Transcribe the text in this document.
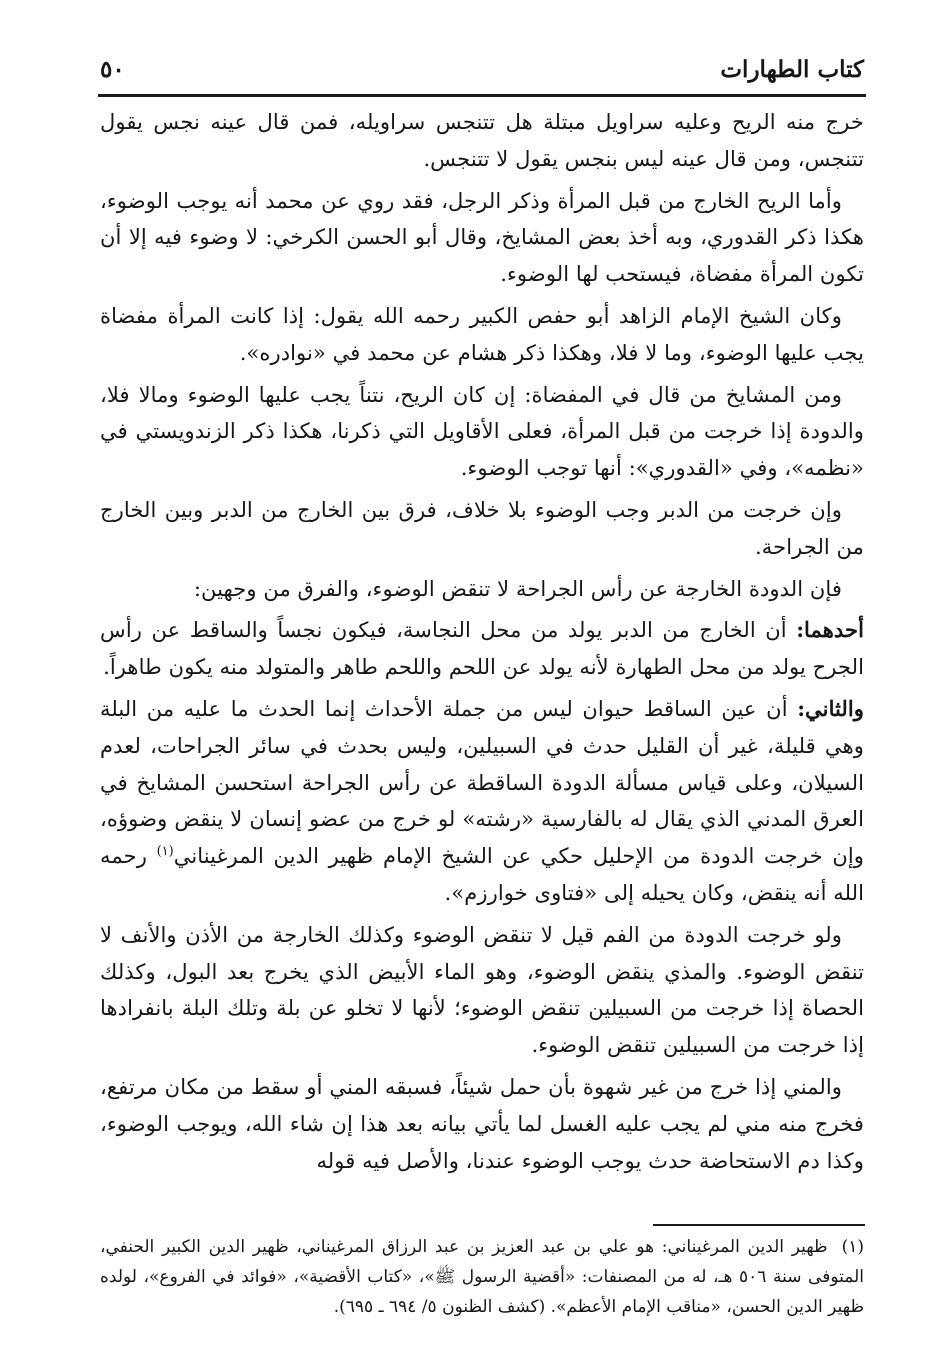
كتاب الطهارات
٥٠

خرج منه الريح وعليه سراويل مبتلة هل تتنجس سراويله، فمن قال عينه نجس يقول تتنجس، ومن قال عينه ليس بنجس يقول لا تتنجس.

وأما الريح الخارج من قبل المرأة وذكر الرجل، فقد روي عن محمد أنه يوجب الوضوء، هكذا ذكر القدوري، وبه أخذ بعض المشايخ، وقال أبو الحسن الكرخي: لا وضوء فيه إلا أن تكون المرأة مفضاة، فيستحب لها الوضوء.

وكان الشيخ الإمام الزاهد أبو حفص الكبير رحمه الله يقول: إذا كانت المرأة مفضاة يجب عليها الوضوء، وما لا فلا، وهكذا ذكر هشام عن محمد في «نوادره».

ومن المشايخ من قال في المفضاة: إن كان الريح، نتناً يجب عليها الوضوء ومالا فلا، والدودة إذا خرجت من قبل المرأة، فعلى الأقاويل التي ذكرنا، هكذا ذكر الزندويستي في «نظمه»، وفي «القدوري»: أنها توجب الوضوء.

وإن خرجت من الدبر وجب الوضوء بلا خلاف، فرق بين الخارج من الدبر وبين الخارج من الجراحة.

فإن الدودة الخارجة عن رأس الجراحة لا تنقض الوضوء، والفرق من وجهين:

أحدهما: أن الخارج من الدبر يولد من محل النجاسة، فيكون نجساً والساقط عن رأس الجرح يولد من محل الطهارة لأنه يولد عن اللحم واللحم طاهر والمتولد منه يكون طاهراً.

والثاني: أن عين الساقط حيوان ليس من جملة الأحداث إنما الحدث ما عليه من البلة وهي قليلة، غير أن القليل حدث في السبيلين، وليس بحدث في سائر الجراحات، لعدم السيلان، وعلى قياس مسألة الدودة الساقطة عن رأس الجراحة استحسن المشايخ في العرق المدني الذي يقال له بالفارسية «رشته» لو خرج من عضو إنسان لا ينقض وضوؤه، وإن خرجت الدودة من الإحليل حكي عن الشيخ الإمام ظهير الدين المرغيناني$^{(١)}$ رحمه الله أنه ينقض، وكان يحيله إلى «فتاوى خوارزم».

ولو خرجت الدودة من الفم قيل لا تنقض الوضوء وكذلك الخارجة من الأذن والأنف لا تنقض الوضوء. والمذي ينقض الوضوء، وهو الماء الأبيض الذي يخرج بعد البول، وكذلك الحصاة إذا خرجت من السبيلين تنقض الوضوء؛ لأنها لا تخلو عن بلة وتلك البلة بانفرادها إذا خرجت من السبيلين تنقض الوضوء.

والمني إذا خرج من غير شهوة بأن حمل شيئاً، فسبقه المني أو سقط من مكان مرتفع، فخرج منه مني لم يجب عليه الغسل لما يأتي بيانه بعد هذا إن شاء الله، ويوجب الوضوء، وكذا دم الاستحاضة حدث يوجب الوضوء عندنا، والأصل فيه قوله

(١)ظهير الدين المرغيناني: هو علي بن عبد العزيز بن عبد الرزاق المرغيناني، ظهير الدين الكبير الحنفي، المتوفى سنة ٥٠٦ هـ، له من المصنفات: «أقضية الرسول ﷺ»، «كتاب الأقضية»، «فوائد في الفروع»، لولده ظهير الدين الحسن، «مناقب الإمام الأعظم». (كشف الظنون ٥/ ٦٩٤ ـ ٦٩٥).
